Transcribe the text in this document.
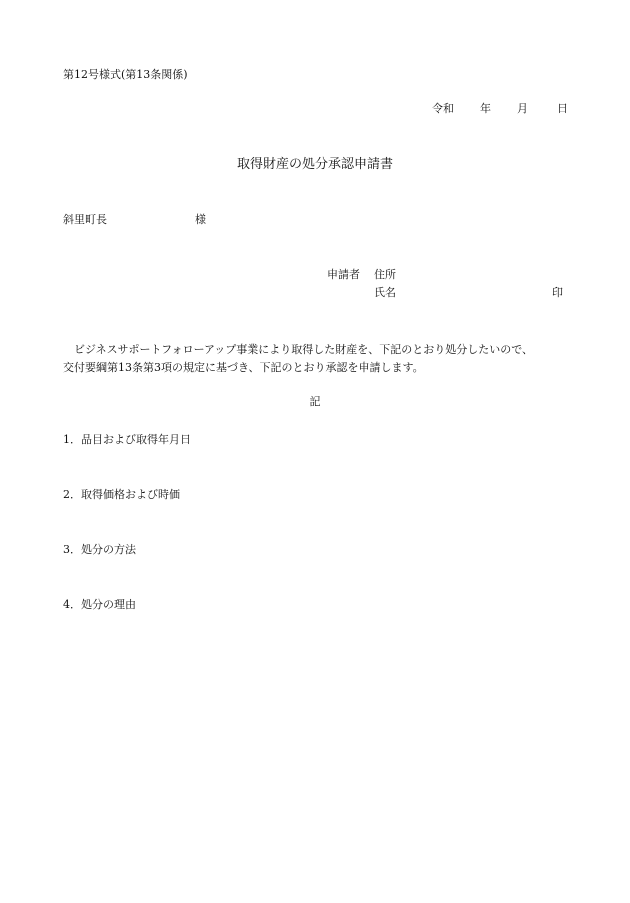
第12号様式(第13条関係)
令和 年 月	日
取得財産の処分承認申請書
斜里町長	様
申請者 住所
氏名	印
ビジネスサポートフォローアップ事業により取得した財産を、下記のとおり処分したいので、
交付要綱第13条第3項の規定に基づき、下記のとおり承認を申請します。
記
1．品目および取得年月日
2．取得価格および時価
3．処分の方法
4．処分の理由
